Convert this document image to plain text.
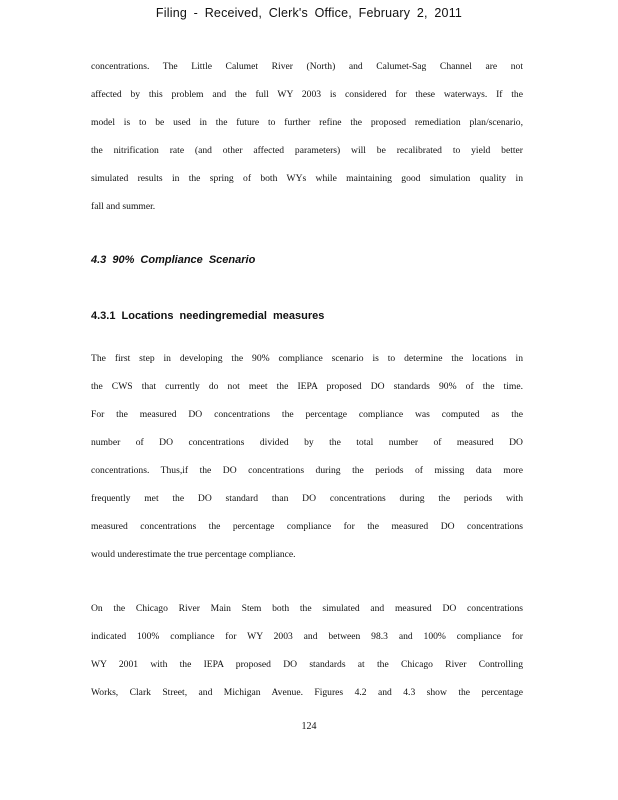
Filing - Received, Clerk's Office, February 2, 2011
concentrations. The Little Calumet River (North) and Calumet-Sag Channel are not
affected by this problem and the full WY 2003 is considered for these waterways. If the
model is to be used in the future to further refine the proposed remediation plan/scenario,
the nitrification rate (and other affected parameters) will be recalibrated to yield better
simulated results in the spring of both WYs while maintaining good simulation quality in
fall and summer.
4.3 90% Compliance Scenario
4.3.1 Locations needingremedial measures
The first step in developing the 90% compliance scenario is to determine the locations in
the CWS that currently do not meet the IEPA proposed DO standards 90% of the time.
For the measured DO concentrations the percentage compliance was computed as the
number of DO concentrations divided by the total number of measured DO
concentrations. Thus,if the DO concentrations during the periods of missing data more
frequently met the DO standard than DO concentrations during the periods with
measured concentrations the percentage compliance for the measured DO concentrations
would underestimate the true percentage compliance.
On the Chicago River Main Stem both the simulated and measured DO concentrations
indicated 100% compliance for WY 2003 and between 98.3 and 100% compliance for
WY 2001 with the IEPA proposed DO standards at the Chicago River Controlling
Works, Clark Street, and Michigan Avenue. Figures 4.2 and 4.3 show the percentage
124
